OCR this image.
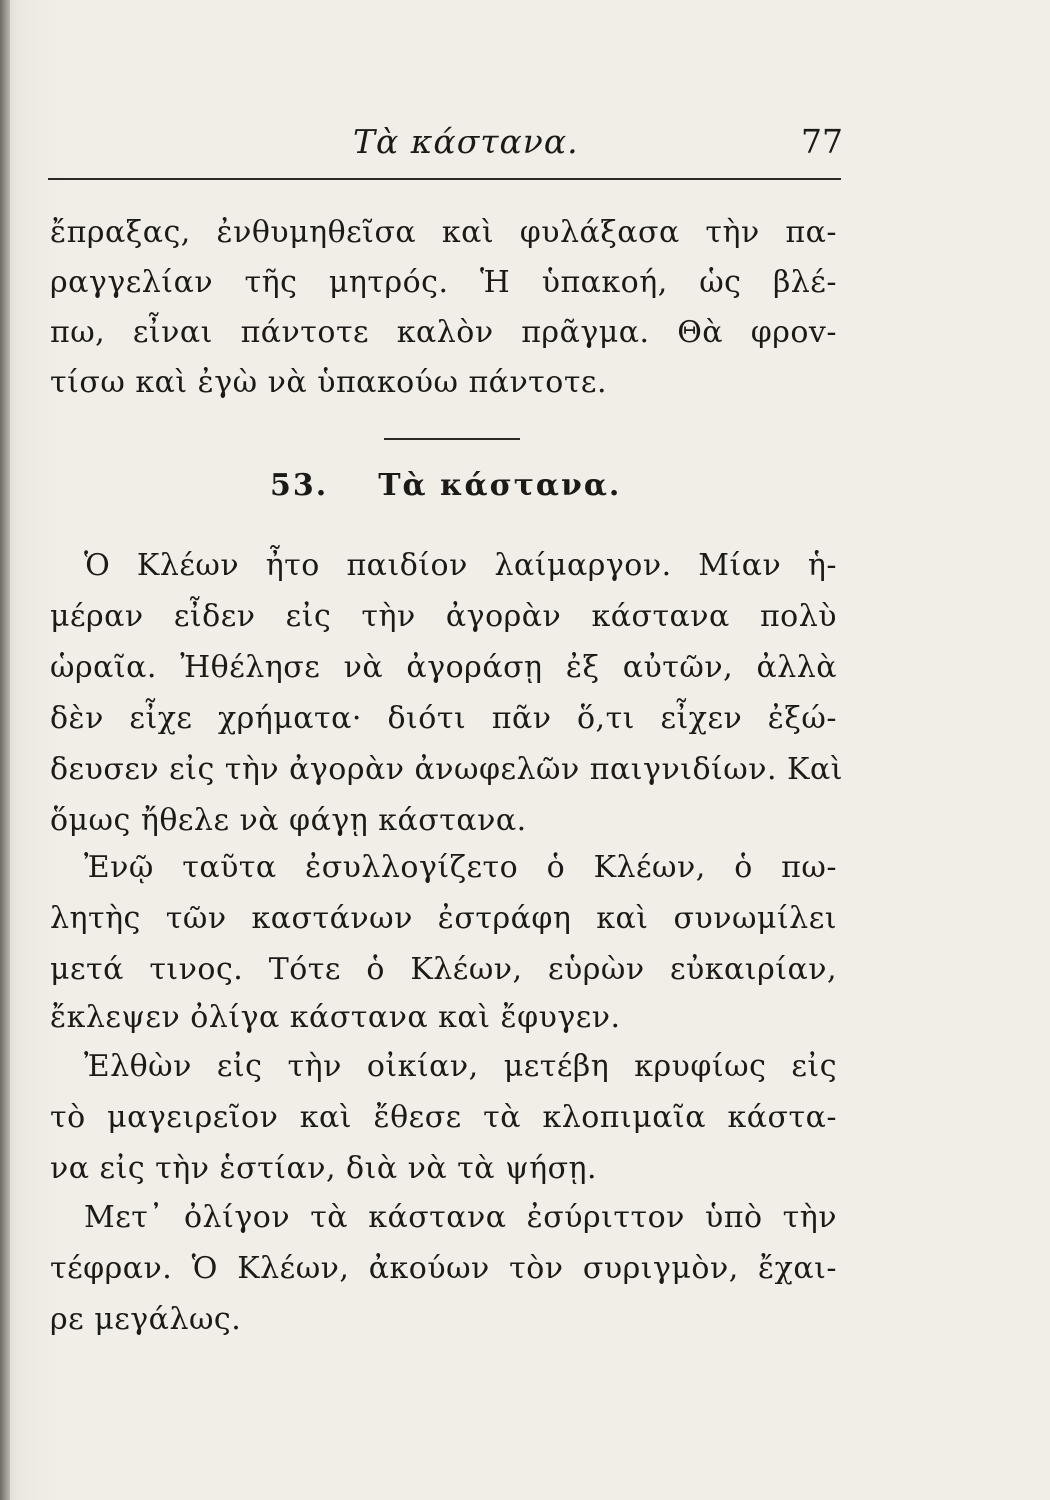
Τὰ κάστανα.	77
ἔπραξας, ἐνθυμηθεῖσα καὶ φυλάξασα τὴν πα-
ραγγελίαν τῆς μητρός. Ἡ ὑπακοή, ὡς βλέ-
πω, εἶναι πάντοτε καλὸν πρᾶγμα. Θὰ φροv-
τίσω καὶ ἐγὼ νὰ ὑπακούω πάντοτε.
53. Τὰ κάστανα.
Ὁ Κλέων ἦτο παιδίον λαίμαργον. Μίαν ἡ-
μέραν εἶδεν εἰς τὴν ἀγορὰν κάστανα πολὺ
ὡραῖα. Ἠθέλησε νὰ ἀγοράσῃ ἐξ αὐτῶν, ἀλλὰ
δὲν εἶχε χρήματα· διότι πᾶν ὅ,τι εἶχεν ἐξώ-
δευσεν εἰς τὴν ἀγορὰν ἀνωφελῶν παιγνιδίων. Καὶ
ὅμως ἤθελε νὰ φάγῃ κάστανα.
Ἐνῷ ταῦτα ἐσυλλογίζετο ὁ Κλέων, ὁ πω-
λητὴς τῶν καστάνων ἐστράφη καὶ συνωμίλει
μετά τινος. Τότε ὁ Κλέων, εὑρὼν εὐκαιρίαν,
ἔκλεψεν ὀλίγα κάστανα καὶ ἔφυγεν.
Ἐλθὼν εἰς τὴν οἰκίαν, μετέβη κρυφίως εἰς
τὸ μαγειρεῖον καὶ ἔθεσε τὰ κλοπιμαῖα κάστα-
να εἰς τὴν ἑστίαν, διὰ νὰ τὰ ψήσῃ.
Μετ᾽ ὀλίγον τὰ κάστανα ἐσύριττον ὑπὸ τὴν
τέφραν. Ὁ Κλέων, ἀκούων τὸν συριγμὸν, ἔχαι-
ρε μεγάλως.
